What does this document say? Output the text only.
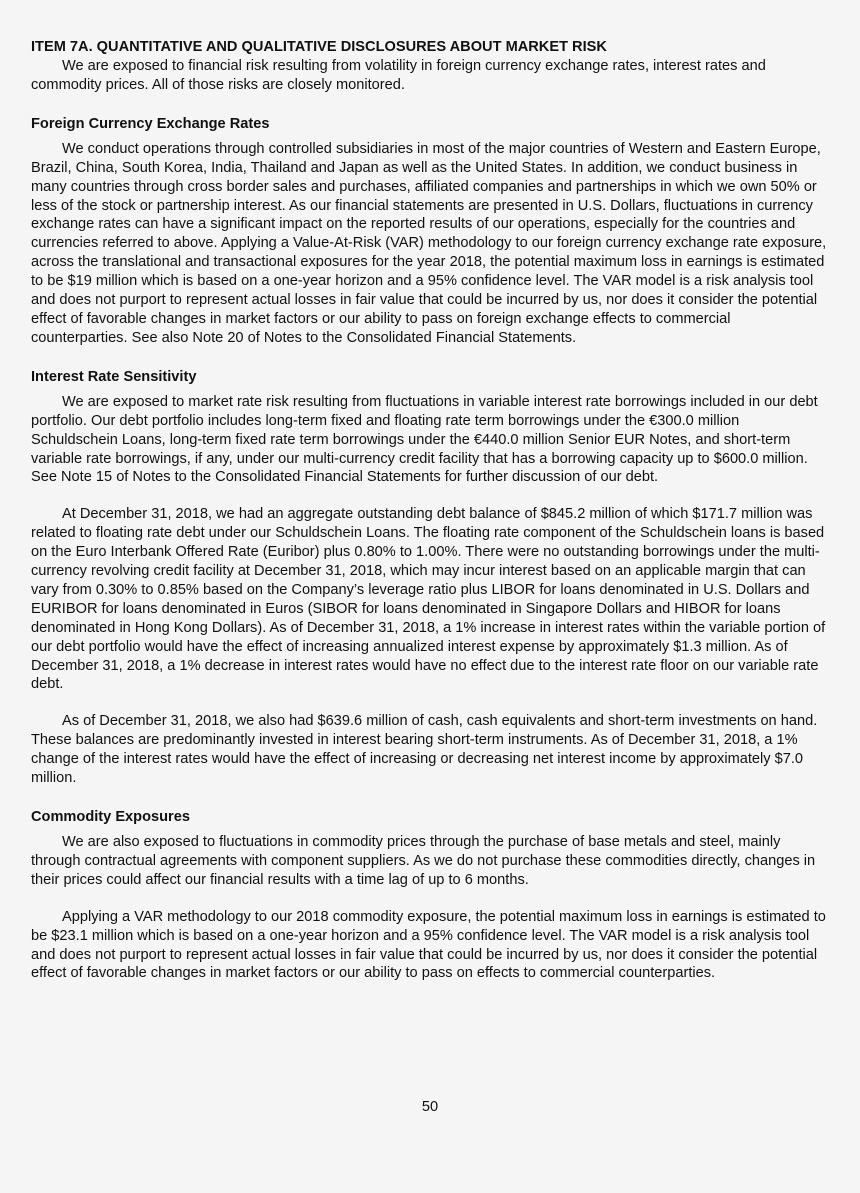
ITEM 7A. QUANTITATIVE AND QUALITATIVE DISCLOSURES ABOUT MARKET RISK

We are exposed to financial risk resulting from volatility in foreign currency exchange rates, interest rates and commodity prices. All of those risks are closely monitored.

Foreign Currency Exchange Rates

We conduct operations through controlled subsidiaries in most of the major countries of Western and Eastern Europe, Brazil, China, South Korea, India, Thailand and Japan as well as the United States. In addition, we conduct business in many countries through cross border sales and purchases, affiliated companies and partnerships in which we own 50% or less of the stock or partnership interest. As our financial statements are presented in U.S. Dollars, fluctuations in currency exchange rates can have a significant impact on the reported results of our operations, especially for the countries and currencies referred to above. Applying a Value-At-Risk (VAR) methodology to our foreign currency exchange rate exposure, across the translational and transactional exposures for the year 2018, the potential maximum loss in earnings is estimated to be $19 million which is based on a one-year horizon and a 95% confidence level. The VAR model is a risk analysis tool and does not purport to represent actual losses in fair value that could be incurred by us, nor does it consider the potential effect of favorable changes in market factors or our ability to pass on foreign exchange effects to commercial counterparties. See also Note 20 of Notes to the Consolidated Financial Statements.

Interest Rate Sensitivity

We are exposed to market rate risk resulting from fluctuations in variable interest rate borrowings included in our debt portfolio. Our debt portfolio includes long-term fixed and floating rate term borrowings under the €300.0 million Schuldschein Loans, long-term fixed rate term borrowings under the €440.0 million Senior EUR Notes, and short-term variable rate borrowings, if any, under our multi-currency credit facility that has a borrowing capacity up to $600.0 million. See Note 15 of Notes to the Consolidated Financial Statements for further discussion of our debt.

At December 31, 2018, we had an aggregate outstanding debt balance of $845.2 million of which $171.7 million was related to floating rate debt under our Schuldschein Loans. The floating rate component of the Schuldschein loans is based on the Euro Interbank Offered Rate (Euribor) plus 0.80% to 1.00%. There were no outstanding borrowings under the multi-currency revolving credit facility at December 31, 2018, which may incur interest based on an applicable margin that can vary from 0.30% to 0.85% based on the Company’s leverage ratio plus LIBOR for loans denominated in U.S. Dollars and EURIBOR for loans denominated in Euros (SIBOR for loans denominated in Singapore Dollars and HIBOR for loans denominated in Hong Kong Dollars). As of December 31, 2018, a 1% increase in interest rates within the variable portion of our debt portfolio would have the effect of increasing annualized interest expense by approximately $1.3 million. As of December 31, 2018, a 1% decrease in interest rates would have no effect due to the interest rate floor on our variable rate debt.

As of December 31, 2018, we also had $639.6 million of cash, cash equivalents and short-term investments on hand. These balances are predominantly invested in interest bearing short-term instruments. As of December 31, 2018, a 1% change of the interest rates would have the effect of increasing or decreasing net interest income by approximately $7.0 million.

Commodity Exposures

We are also exposed to fluctuations in commodity prices through the purchase of base metals and steel, mainly through contractual agreements with component suppliers. As we do not purchase these commodities directly, changes in their prices could affect our financial results with a time lag of up to 6 months.

Applying a VAR methodology to our 2018 commodity exposure, the potential maximum loss in earnings is estimated to be $23.1 million which is based on a one-year horizon and a 95% confidence level. The VAR model is a risk analysis tool and does not purport to represent actual losses in fair value that could be incurred by us, nor does it consider the potential effect of favorable changes in market factors or our ability to pass on effects to commercial counterparties.

50
